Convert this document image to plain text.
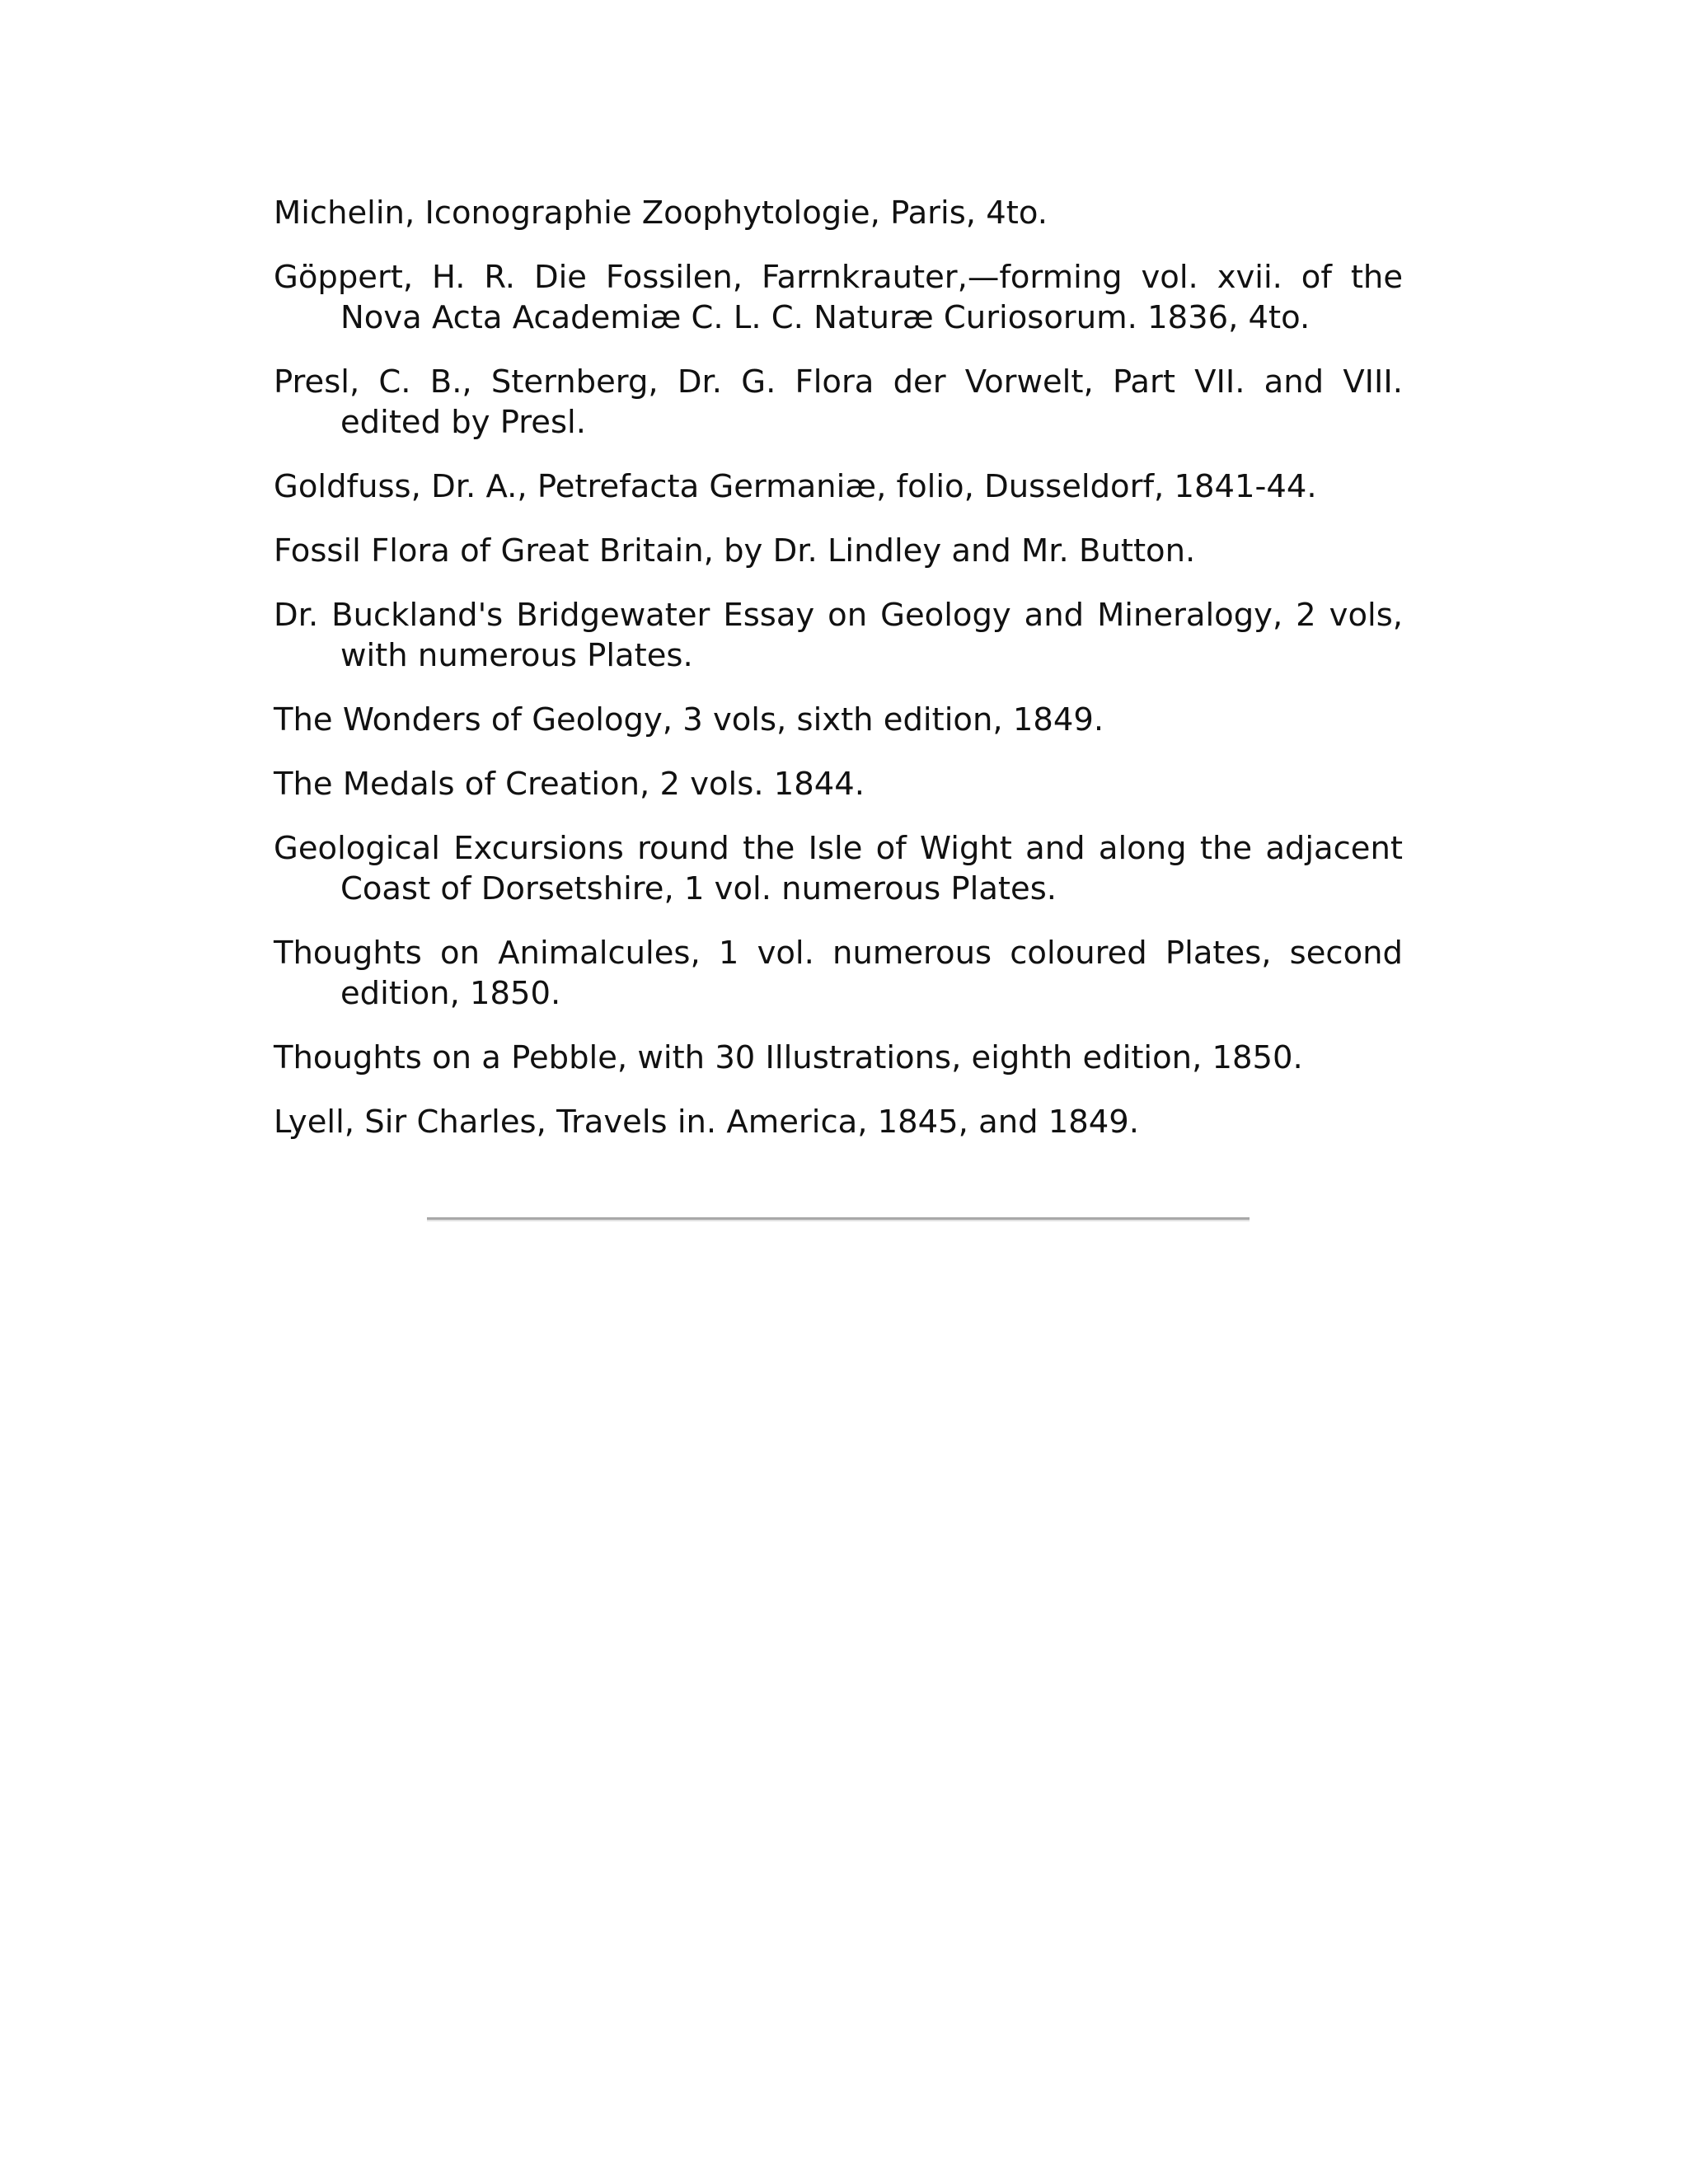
Michelin, Iconographie Zoophytologie, Paris, 4to.

Göppert, H. R. Die Fossilen, Farrnkrauter,—forming vol. xvii. of the Nova Acta Academiæ C. L. C. Naturæ Curiosorum. 1836, 4to.

Presl, C. B., Sternberg, Dr. G. Flora der Vorwelt, Part VII. and VIII. edited by Presl.

Goldfuss, Dr. A., Petrefacta Germaniæ, folio, Dusseldorf, 1841-44.

Fossil Flora of Great Britain, by Dr. Lindley and Mr. Button.

Dr. Buckland's Bridgewater Essay on Geology and Mineralogy, 2 vols, with numerous Plates.

The Wonders of Geology, 3 vols, sixth edition, 1849.

The Medals of Creation, 2 vols. 1844.

Geological Excursions round the Isle of Wight and along the adjacent Coast of Dorsetshire, 1 vol. numerous Plates.

Thoughts on Animalcules, 1 vol. numerous coloured Plates, second edition, 1850.

Thoughts on a Pebble, with 30 Illustrations, eighth edition, 1850.

Lyell, Sir Charles, Travels in. America, 1845, and 1849.
